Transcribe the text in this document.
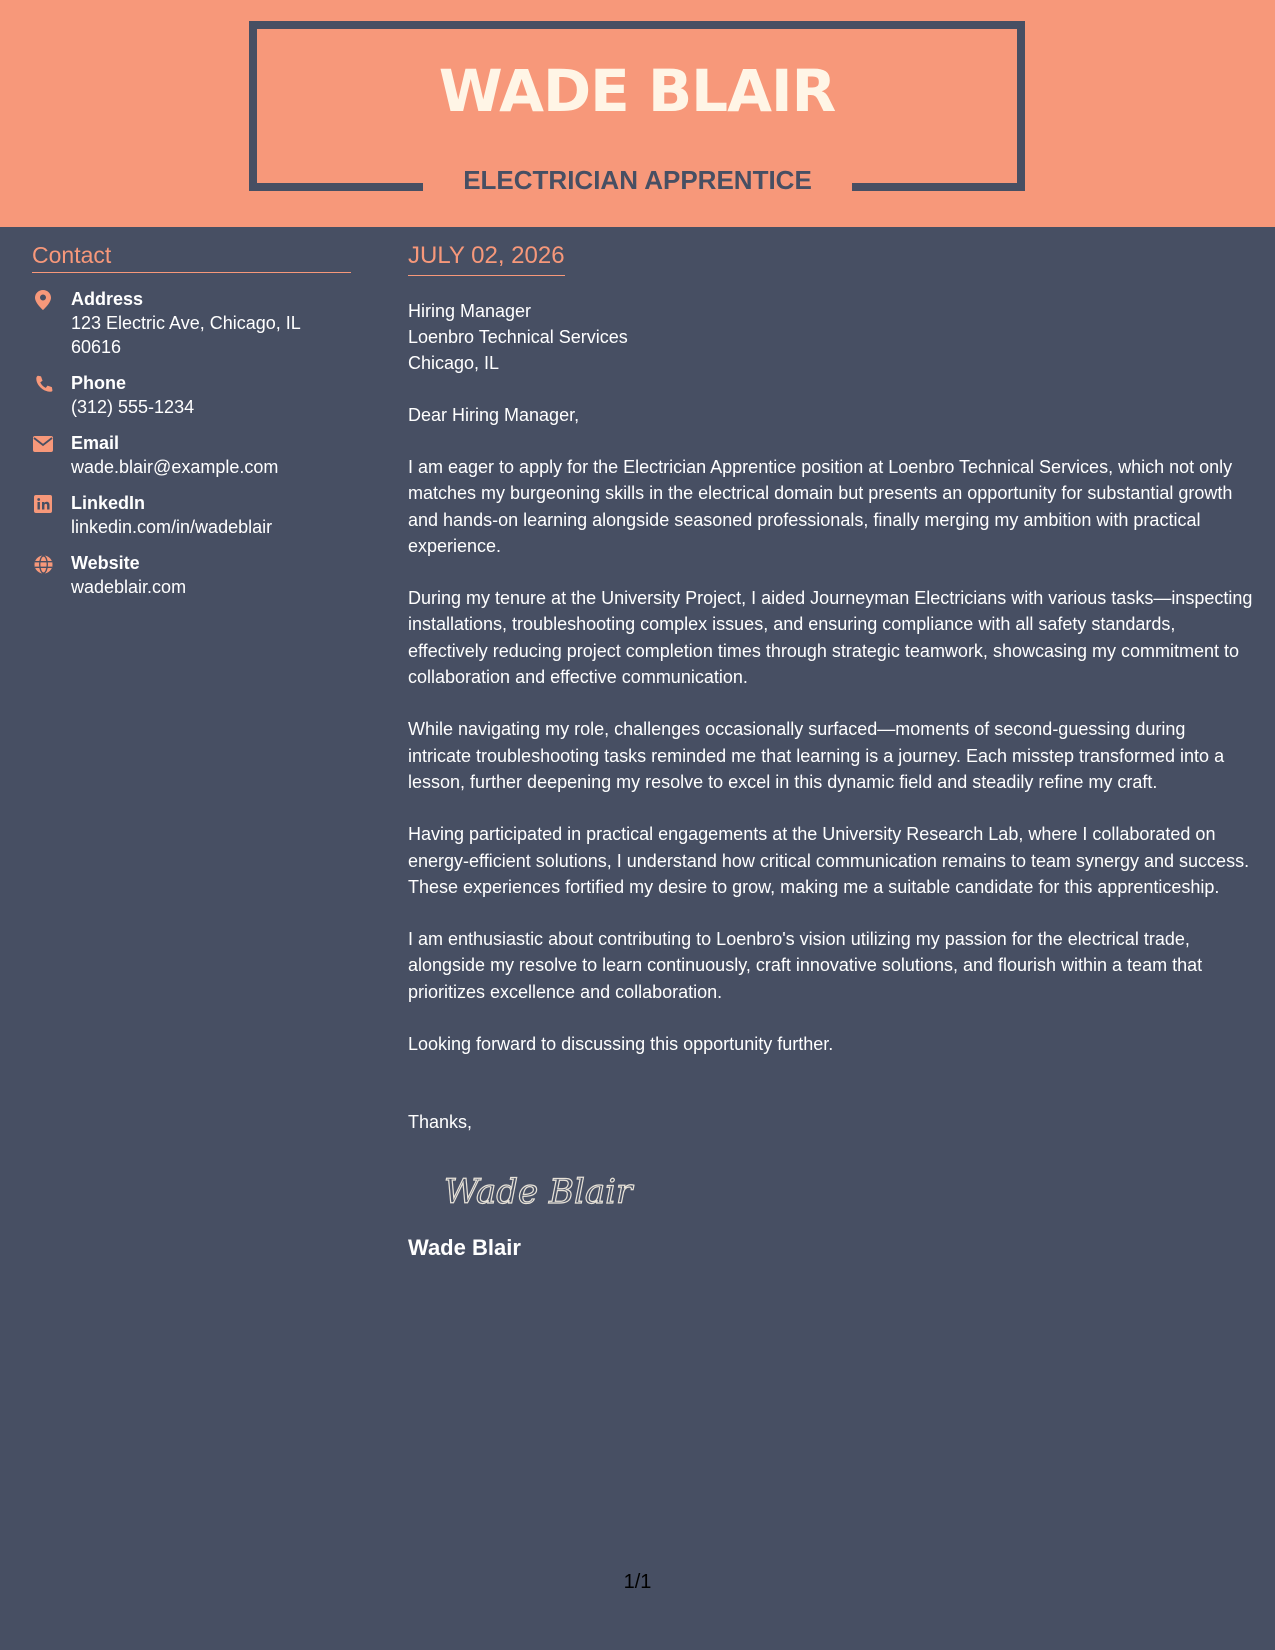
WADE BLAIR
ELECTRICIAN APPRENTICE
Contact
Address
123 Electric Ave, Chicago, IL 60616
Phone
(312) 555-1234
Email
wade.blair@example.com
LinkedIn
linkedin.com/in/wadeblair
Website
wadeblair.com
JULY 02, 2026
Hiring Manager
Loenbro Technical Services
Chicago, IL
Dear Hiring Manager,
I am eager to apply for the Electrician Apprentice position at Loenbro Technical Services, which not only matches my burgeoning skills in the electrical domain but presents an opportunity for substantial growth and hands-on learning alongside seasoned professionals, finally merging my ambition with practical experience.
During my tenure at the University Project, I aided Journeyman Electricians with various tasks—inspecting installations, troubleshooting complex issues, and ensuring compliance with all safety standards, effectively reducing project completion times through strategic teamwork, showcasing my commitment to collaboration and effective communication.
While navigating my role, challenges occasionally surfaced—moments of second-guessing during intricate troubleshooting tasks reminded me that learning is a journey. Each misstep transformed into a lesson, further deepening my resolve to excel in this dynamic field and steadily refine my craft.
Having participated in practical engagements at the University Research Lab, where I collaborated on energy-efficient solutions, I understand how critical communication remains to team synergy and success. These experiences fortified my desire to grow, making me a suitable candidate for this apprenticeship.
I am enthusiastic about contributing to Loenbro's vision utilizing my passion for the electrical trade, alongside my resolve to learn continuously, craft innovative solutions, and flourish within a team that prioritizes excellence and collaboration.
Looking forward to discussing this opportunity further.
Thanks,
Wade Blair
Wade Blair
1/1
